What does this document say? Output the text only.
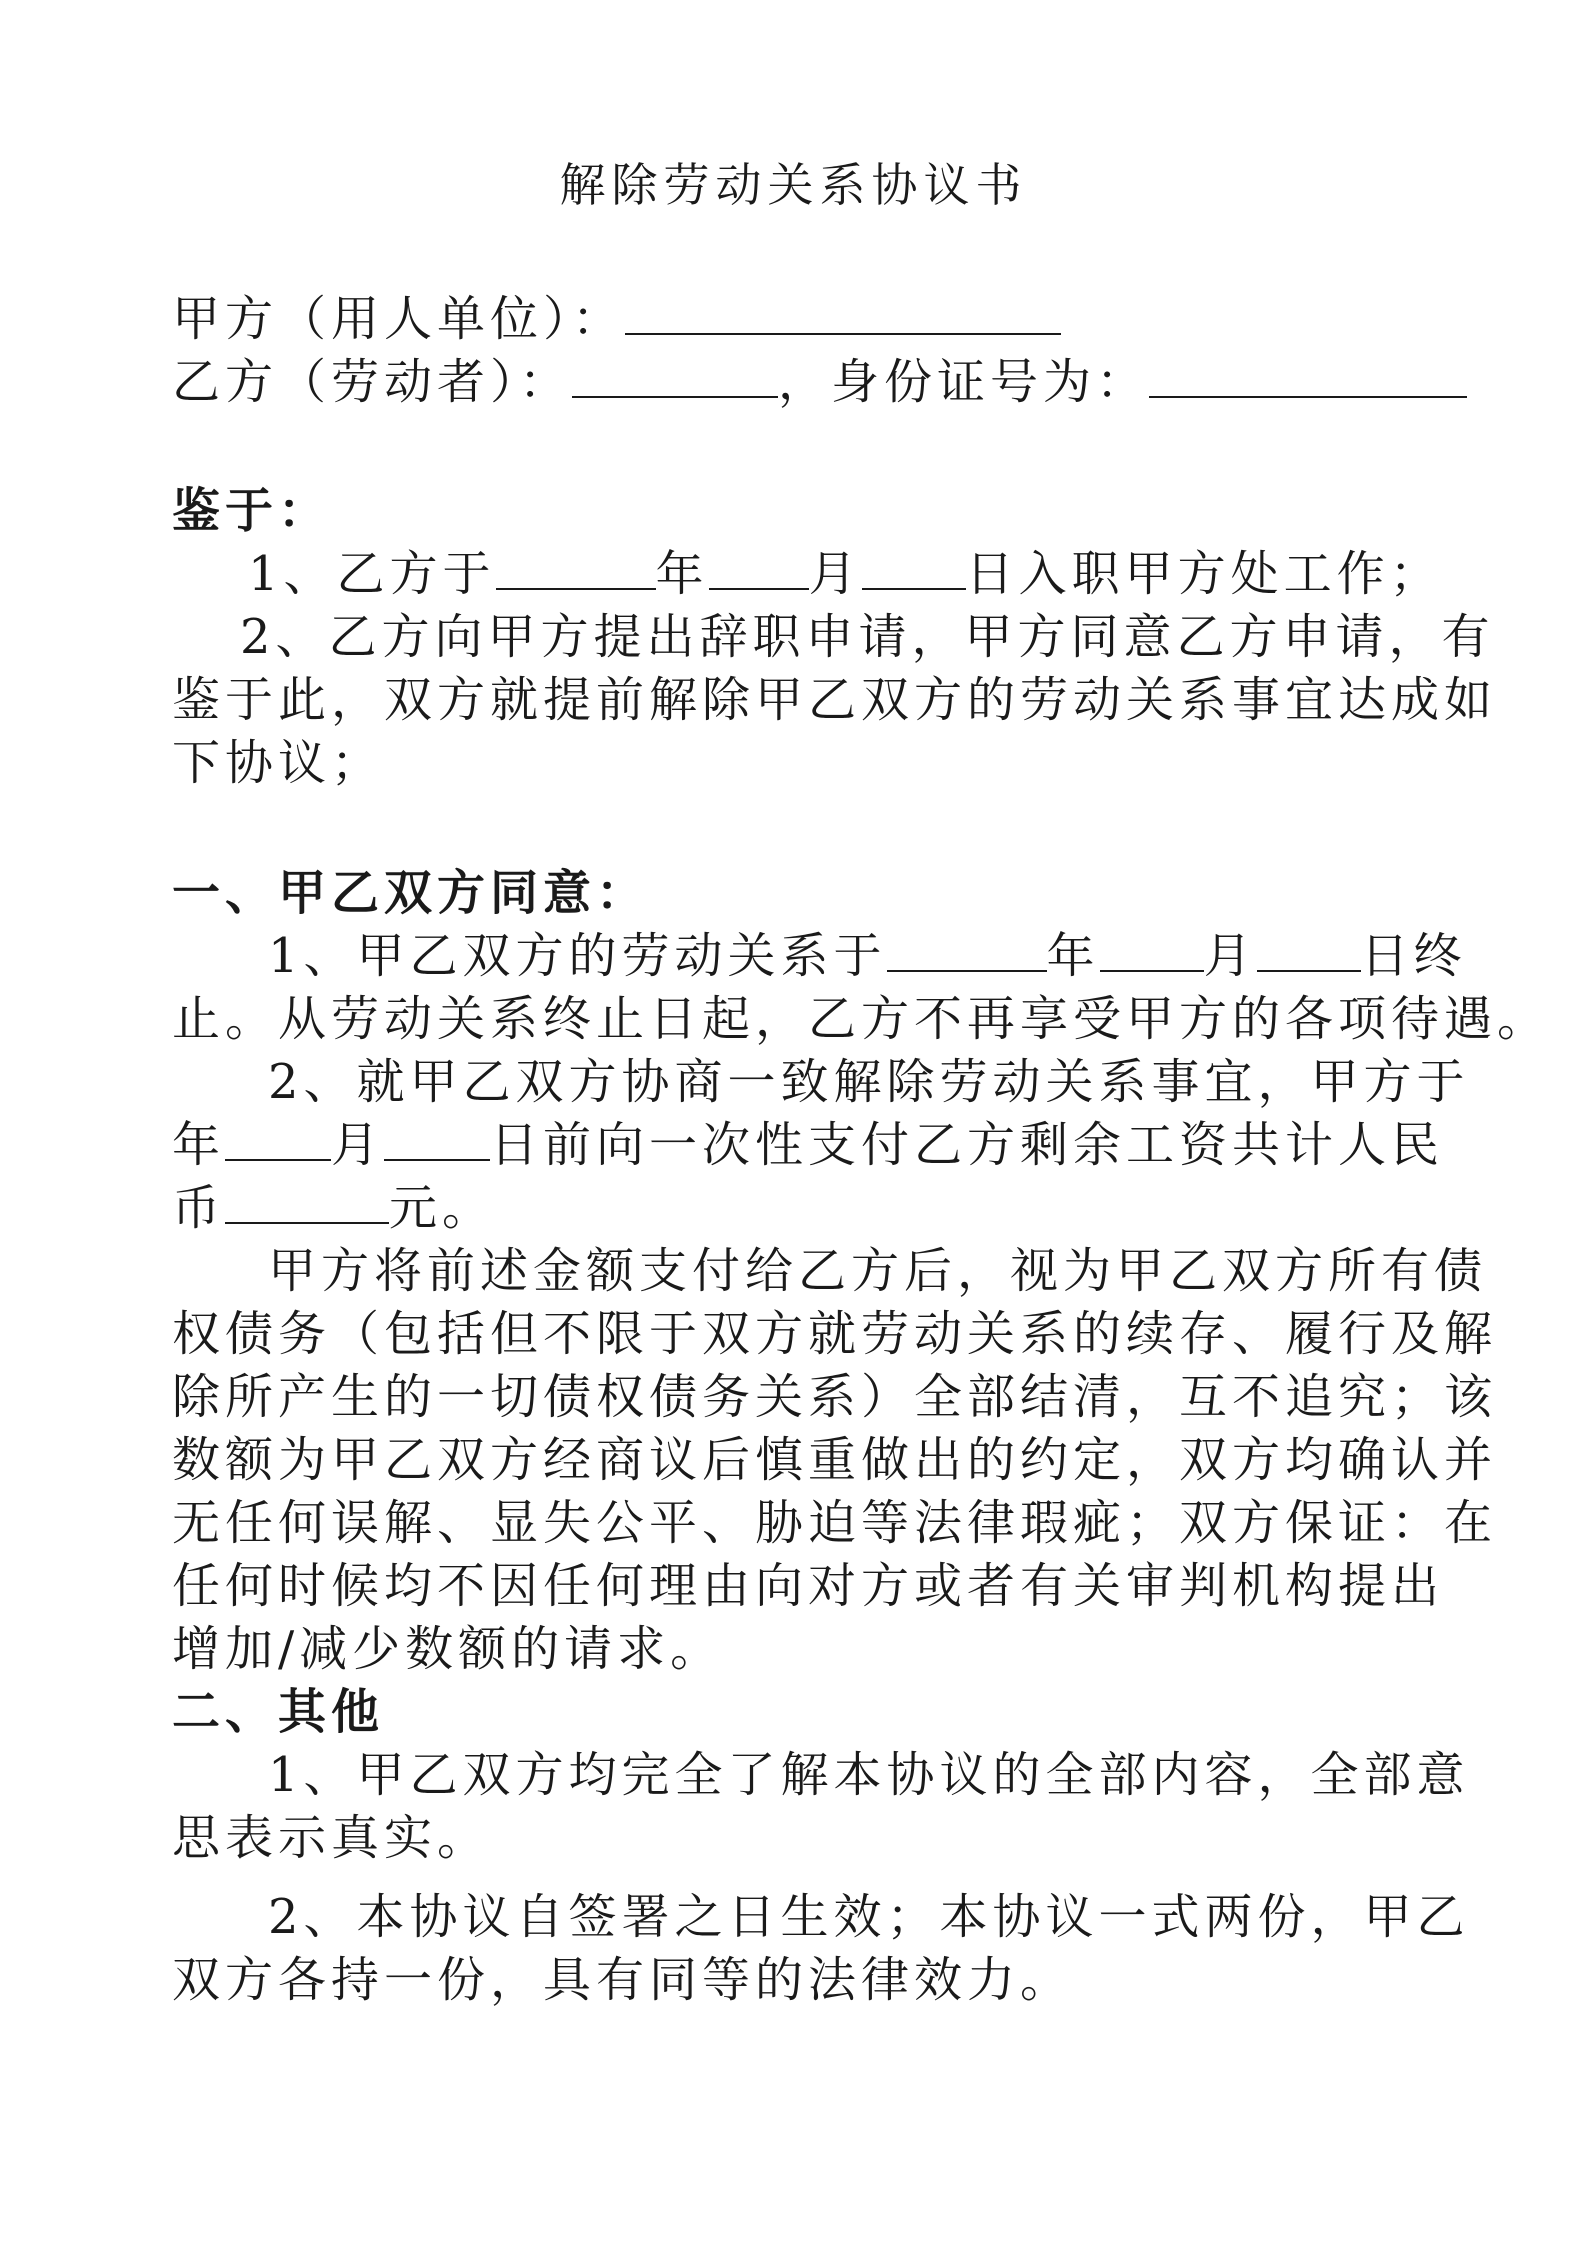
解除劳动关系协议书
甲方（用人单位）：
乙方（劳动者）：	，身份证号为：
鉴于：
1、乙方于	年 月 日入职甲方处工作；
2、乙方向甲方提出辞职申请，甲方同意乙方申请，有
鉴于此，双方就提前解除甲乙双方的劳动关系事宜达成如
下协议；
一、甲乙双方同意：
1、甲乙双方的劳动关系于	年 月 日终
止。从劳动关系终止日起，乙方不再享受甲方的各项待遇。
2、就甲乙双方协商一致解除劳动关系事宜，甲方于
年 月 日前向一次性支付乙方剩余工资共计人民
币	元。
甲方将前述金额支付给乙方后，视为甲乙双方所有债
权债务（包括但不限于双方就劳动关系的续存、履行及解
除所产生的一切债权债务关系）全部结清，互不追究；该
数额为甲乙双方经商议后慎重做出的约定，双方均确认并
无任何误解、显失公平、胁迫等法律瑕疵；双方保证：在
任何时候均不因任何理由向对方或者有关审判机构提出
增加/减少数额的请求。
二、其他
1、甲乙双方均完全了解本协议的全部内容，全部意
思表示真实。
2、本协议自签署之日生效；本协议一式两份，甲乙
双方各持一份，具有同等的法律效力。
